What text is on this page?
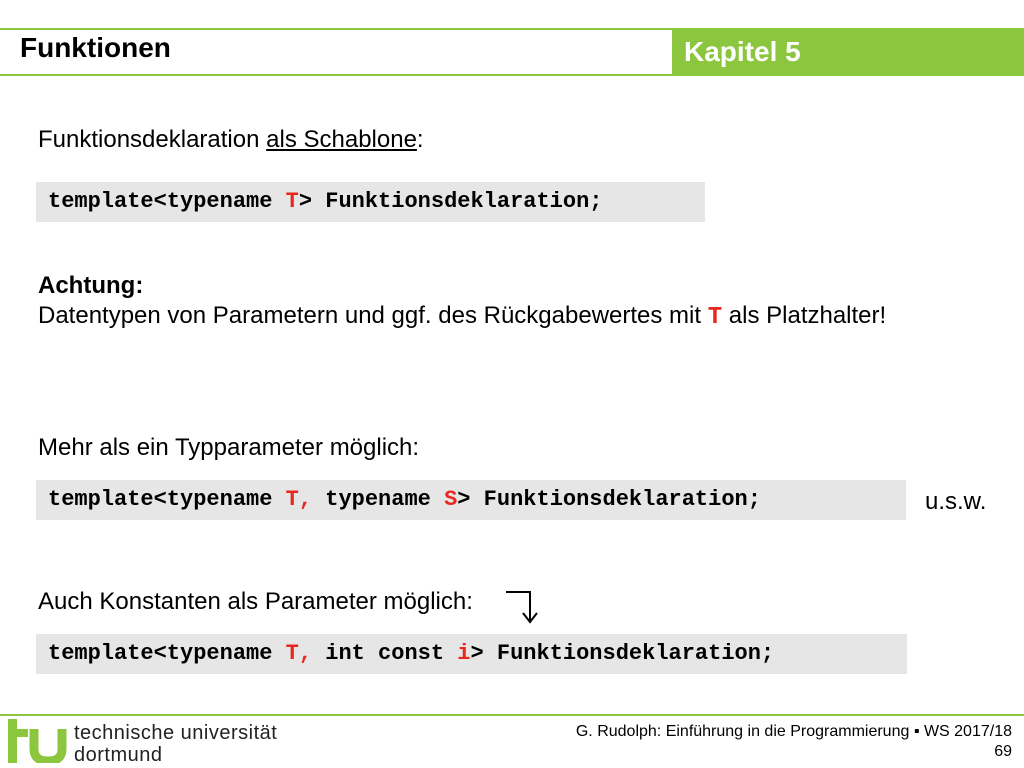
Funktionen	Kapitel 5
Funktionsdeklaration als Schablone:
template<typename T> Funktionsdeklaration;
Achtung:
Datentypen von Parametern und ggf. des Rückgabewertes mit T als Platzhalter!
Mehr als ein Typparameter möglich:
template<typename T, typename S> Funktionsdeklaration;	u.s.w.
Auch Konstanten als Parameter möglich:
template<typename T, int const i> Funktionsdeklaration;
technische universität
dortmund
G. Rudolph: Einführung in die Programmierung ▪ WS 2017/18
69
